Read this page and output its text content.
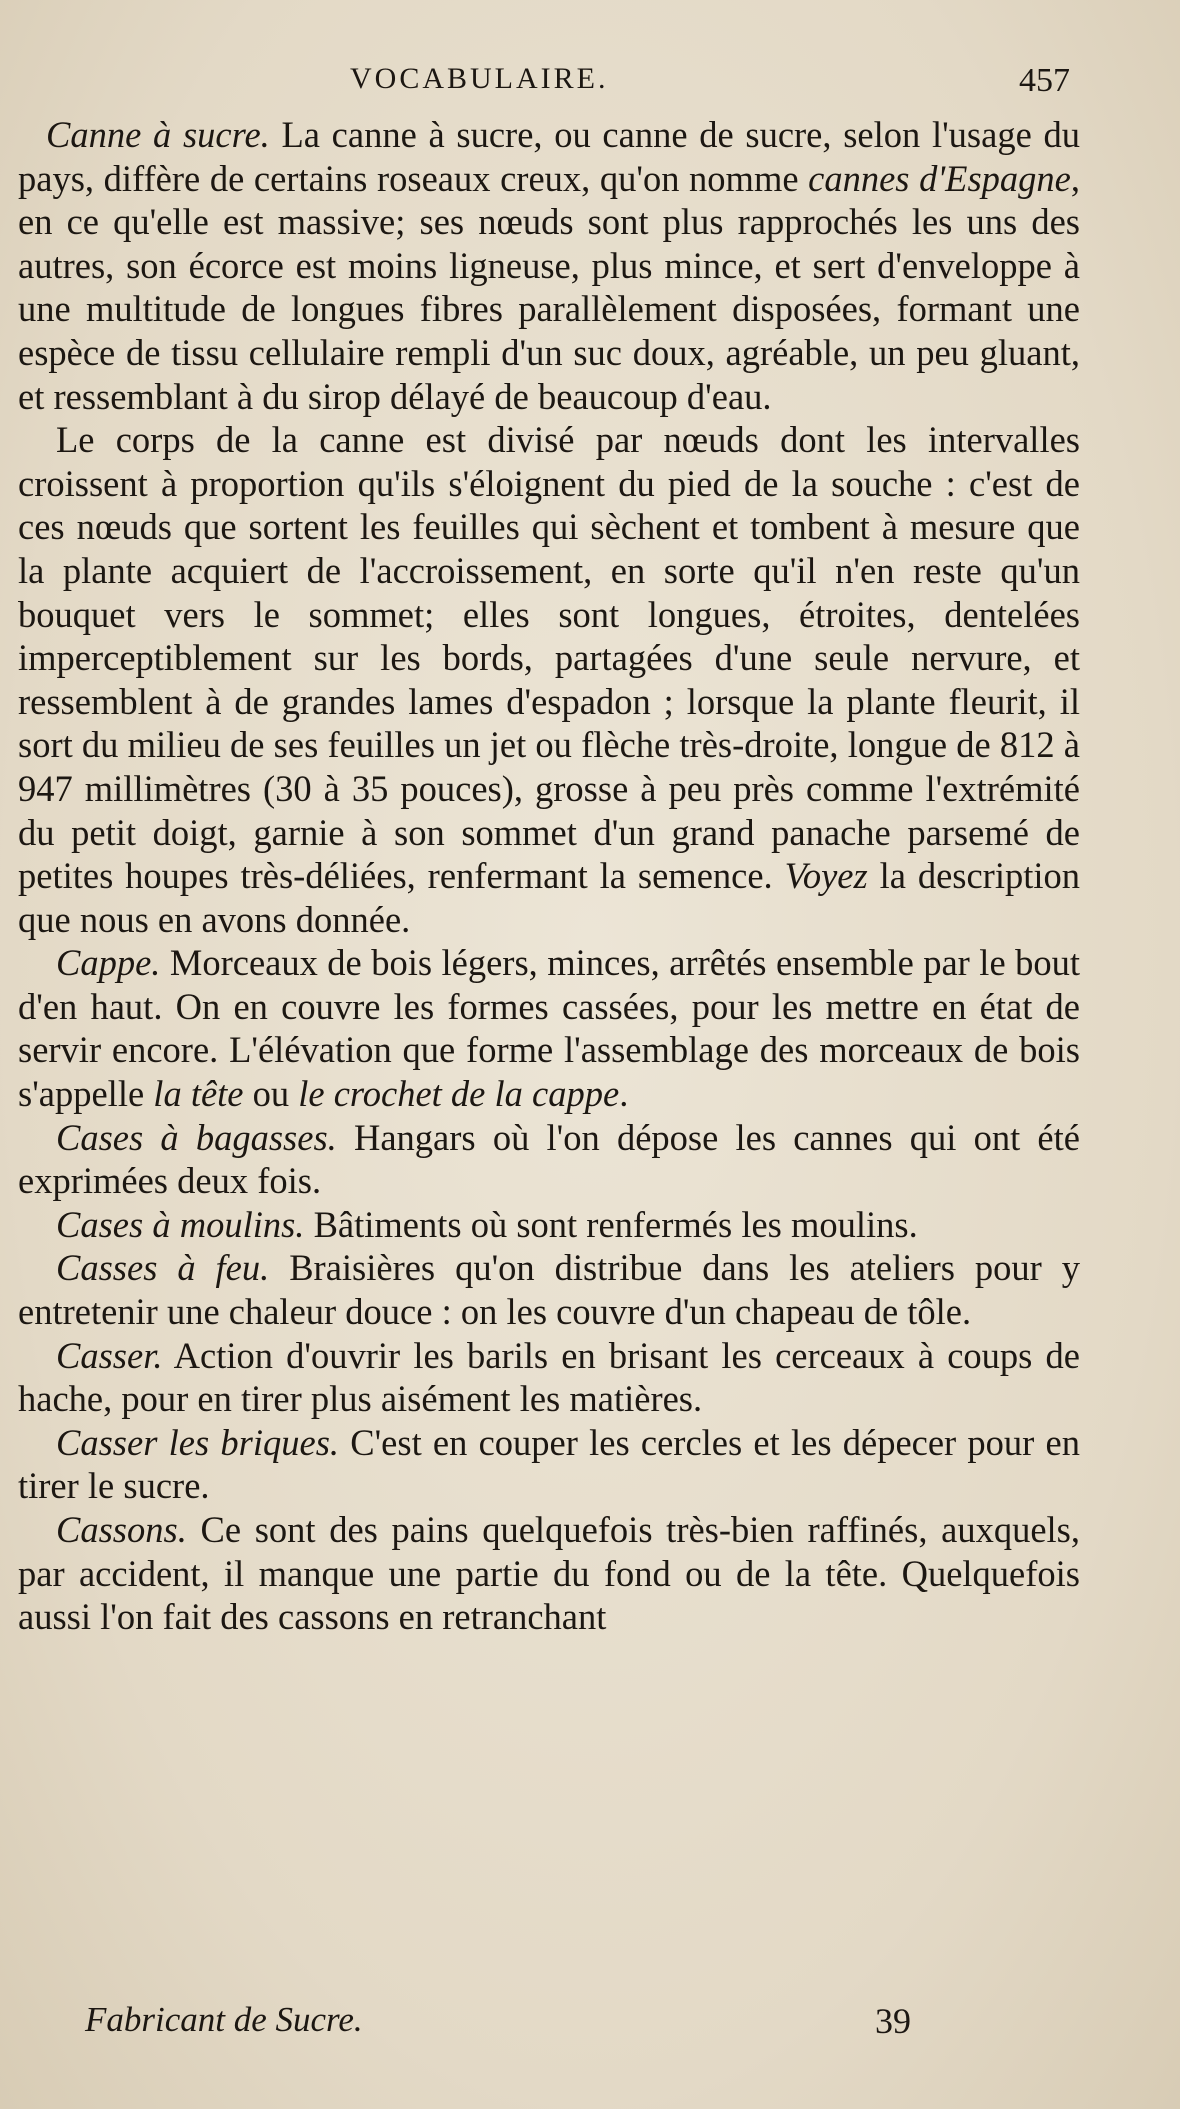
VOCABULAIRE.	457

Canne à sucre. La canne à sucre, ou canne de sucre, selon l'usage du pays, diffère de certains roseaux creux, qu'on nomme cannes d'Espagne, en ce qu'elle est massive; ses nœuds sont plus rapprochés les uns des autres, son écorce est moins ligneuse, plus mince, et sert d'enveloppe à une multitude de longues fibres parallèlement disposées, formant une espèce de tissu cellulaire rempli d'un suc doux, agréable, un peu gluant, et ressemblant à du sirop délayé de beaucoup d'eau.

Le corps de la canne est divisé par nœuds dont les intervalles croissent à proportion qu'ils s'éloignent du pied de la souche : c'est de ces nœuds que sortent les feuilles qui sèchent et tombent à mesure que la plante acquiert de l'accroissement, en sorte qu'il n'en reste qu'un bouquet vers le sommet; elles sont longues, étroites, dentelées imperceptiblement sur les bords, partagées d'une seule nervure, et ressemblent à de grandes lames d'espadon ; lorsque la plante fleurit, il sort du milieu de ses feuilles un jet ou flèche très-droite, longue de 812 à 947 millimètres (30 à 35 pouces), grosse à peu près comme l'extrémité du petit doigt, garnie à son sommet d'un grand panache parsemé de petites houpes très-déliées, renfermant la semence. Voyez la description que nous en avons donnée.

Cappe. Morceaux de bois légers, minces, arrêtés ensemble par le bout d'en haut. On en couvre les formes cassées, pour les mettre en état de servir encore. L'élévation que forme l'assemblage des morceaux de bois s'appelle la tête ou le crochet de la cappe.

Cases à bagasses. Hangars où l'on dépose les cannes qui ont été exprimées deux fois.

Cases à moulins. Bâtiments où sont renfermés les moulins.

Casses à feu. Braisières qu'on distribue dans les ateliers pour y entretenir une chaleur douce : on les couvre d'un chapeau de tôle.

Casser. Action d'ouvrir les barils en brisant les cerceaux à coups de hache, pour en tirer plus aisément les matières.

Casser les briques. C'est en couper les cercles et les dépecer pour en tirer le sucre.

Cassons. Ce sont des pains quelquefois très-bien raffinés, auxquels, par accident, il manque une partie du fond ou de la tête. Quelquefois aussi l'on fait des cassons en retranchant

Fabricant de Sucre.	39
